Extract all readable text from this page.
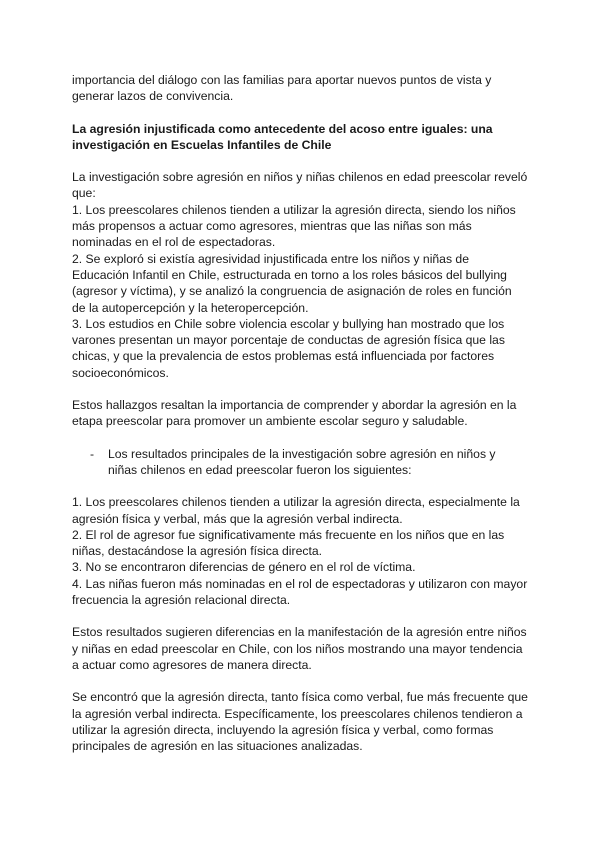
importancia del diálogo con las familias para aportar nuevos puntos de vista y generar lazos de convivencia.

La agresión injustificada como antecedente del acoso entre iguales: una investigación en Escuelas Infantiles de Chile

La investigación sobre agresión en niños y niñas chilenos en edad preescolar reveló que:

1. Los preescolares chilenos tienden a utilizar la agresión directa, siendo los niños más propensos a actuar como agresores, mientras que las niñas son más nominadas en el rol de espectadoras.

2. Se exploró si existía agresividad injustificada entre los niños y niñas de Educación Infantil en Chile, estructurada en torno a los roles básicos del bullying (agresor y víctima), y se analizó la congruencia de asignación de roles en función de la autopercepción y la heteropercepción.

3. Los estudios en Chile sobre violencia escolar y bullying han mostrado que los varones presentan un mayor porcentaje de conductas de agresión física que las chicas, y que la prevalencia de estos problemas está influenciada por factores socioeconómicos.

Estos hallazgos resaltan la importancia de comprender y abordar la agresión en la etapa preescolar para promover un ambiente escolar seguro y saludable.

- Los resultados principales de la investigación sobre agresión en niños y niñas chilenos en edad preescolar fueron los siguientes:

1. Los preescolares chilenos tienden a utilizar la agresión directa, especialmente la agresión física y verbal, más que la agresión verbal indirecta.

2. El rol de agresor fue significativamente más frecuente en los niños que en las niñas, destacándose la agresión física directa.

3. No se encontraron diferencias de género en el rol de víctima.

4. Las niñas fueron más nominadas en el rol de espectadoras y utilizaron con mayor frecuencia la agresión relacional directa.

Estos resultados sugieren diferencias en la manifestación de la agresión entre niños y niñas en edad preescolar en Chile, con los niños mostrando una mayor tendencia a actuar como agresores de manera directa.

Se encontró que la agresión directa, tanto física como verbal, fue más frecuente que la agresión verbal indirecta. Específicamente, los preescolares chilenos tendieron a utilizar la agresión directa, incluyendo la agresión física y verbal, como formas principales de agresión en las situaciones analizadas.
